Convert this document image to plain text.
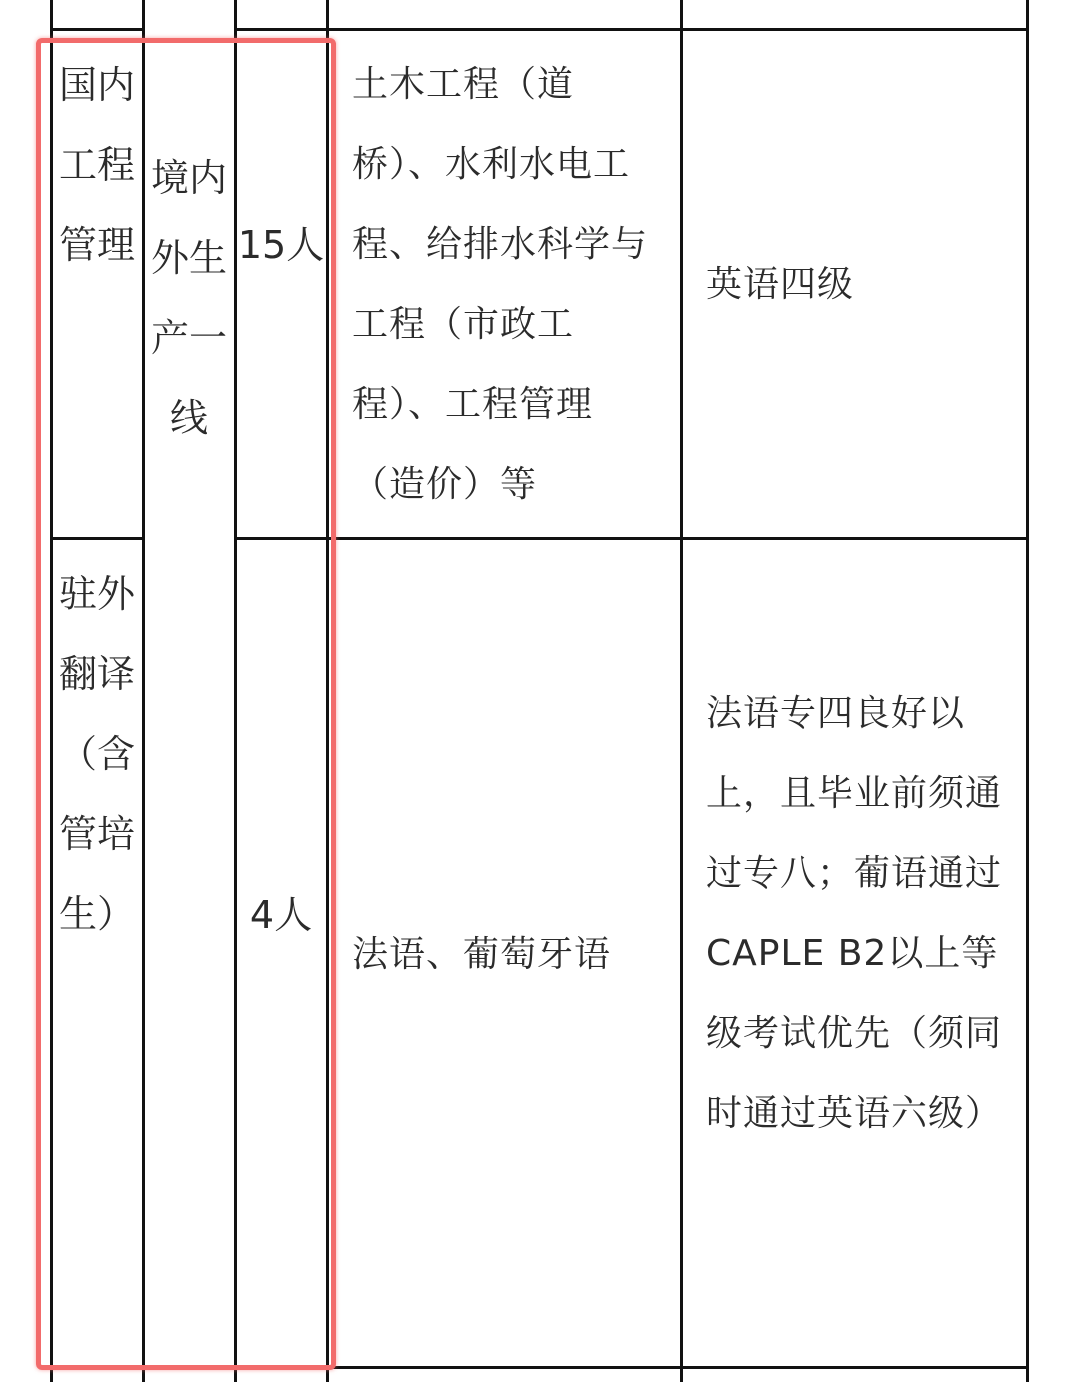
国内工程管理	15人
土木工程（道桥）、水利水电工程、给排水科学与工程（市政工程）、工程管理（造价）等
英语四级
境内外生产一线
驻外翻译（含管培生）	4人
法语、葡萄牙语
法语专四良好以上，且毕业前须通过专八；葡语通过CAPLE B2以上等级考试优先（须同时通过英语六级）
